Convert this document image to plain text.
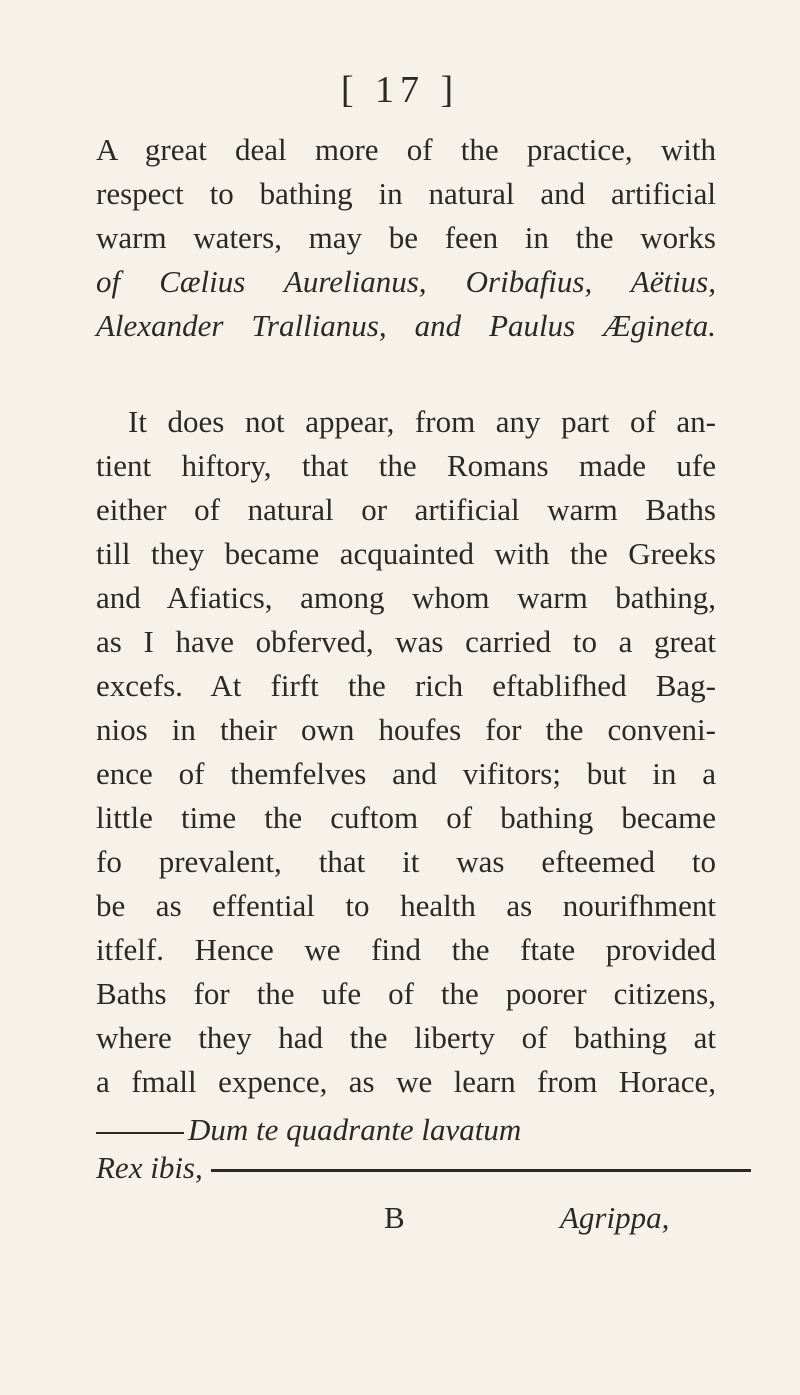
[ 17 ]
A great deal more of the practice, with
respect to bathing in natural and artificial
warm waters, may be feen in the works
of Cælius Aurelianus, Oribafius, Aëtius,
Alexander Trallianus, and Paulus Ægineta.
It does not appear, from any part of an-
tient hiftory, that the Romans made ufe
either of natural or artificial warm Baths
till they became acquainted with the Greeks
and Afiatics, among whom warm bathing,
as I have obferved, was carried to a great
excefs. At firft the rich eftablifhed Bag-
nios in their own houfes for the conveni-
ence of themfelves and vifitors; but in a
little time the cuftom of bathing became
fo prevalent, that it was efteemed to
be as effential to health as nourifhment
itfelf. Hence we find the ftate provided
Baths for the ufe of the poorer citizens,
where they had the liberty of bathing at
a fmall expence, as we learn from Horace,
Dum te quadrante lavatum
Rex ibis,
B	Agrippa,
